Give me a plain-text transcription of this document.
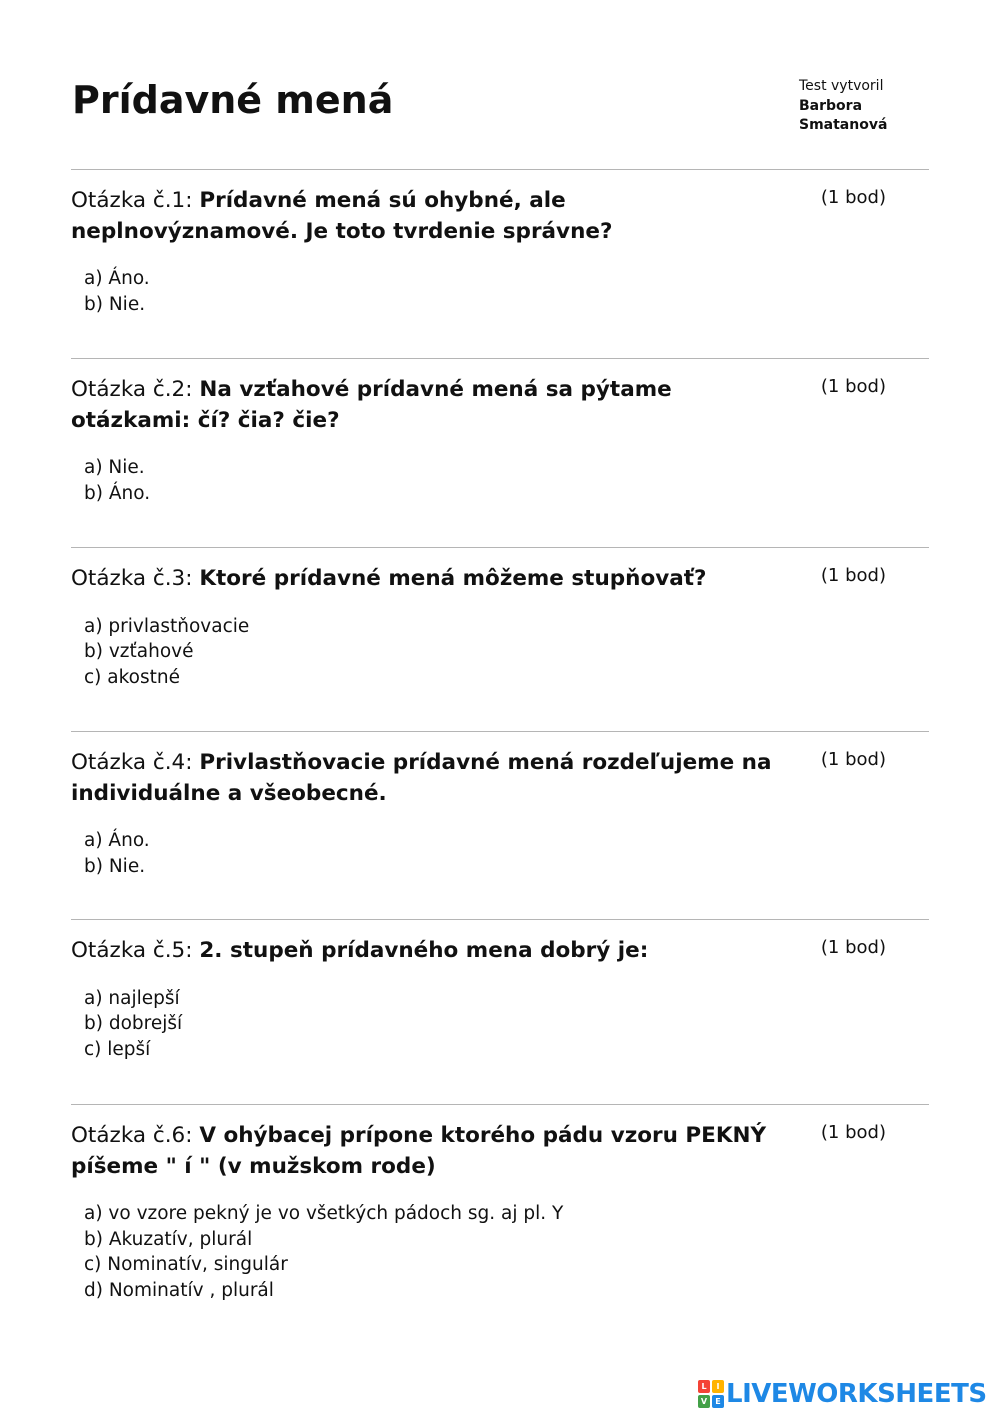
Prídavné mená	Test vytvoril
Barbora Smatanová
Otázka č.1: Prídavné mená sú ohybné, ale neplnovýznamové. Je toto tvrdenie správne?
(1 bod)
a) Áno.
b) Nie.
Otázka č.2: Na vzťahové prídavné mená sa pýtame otázkami: čí? čia? čie?
(1 bod)
a) Nie.
b) Áno.
Otázka č.3: Ktoré prídavné mená môžeme stupňovať?	(1 bod)
a) privlastňovacie
b) vzťahové
c) akostné
Otázka č.4: Privlastňovacie prídavné mená rozdeľujeme na individuálne a všeobecné.
(1 bod)
a) Áno.
b) Nie.
Otázka č.5: 2. stupeň prídavného mena dobrý je:	(1 bod)
a) najlepší
b) dobrejší
c) lepší
Otázka č.6: V ohýbacej prípone ktorého pádu vzoru PEKNÝ píšeme " í " (v mužskom rode)
(1 bod)
a) vo vzore pekný je vo všetkých pádoch sg. aj pl. Y
b) Akuzatív, plurál
c) Nominatív, singulár
d) Nominatív , plurál
L	I
V	E LIVEWORKSHEETS
